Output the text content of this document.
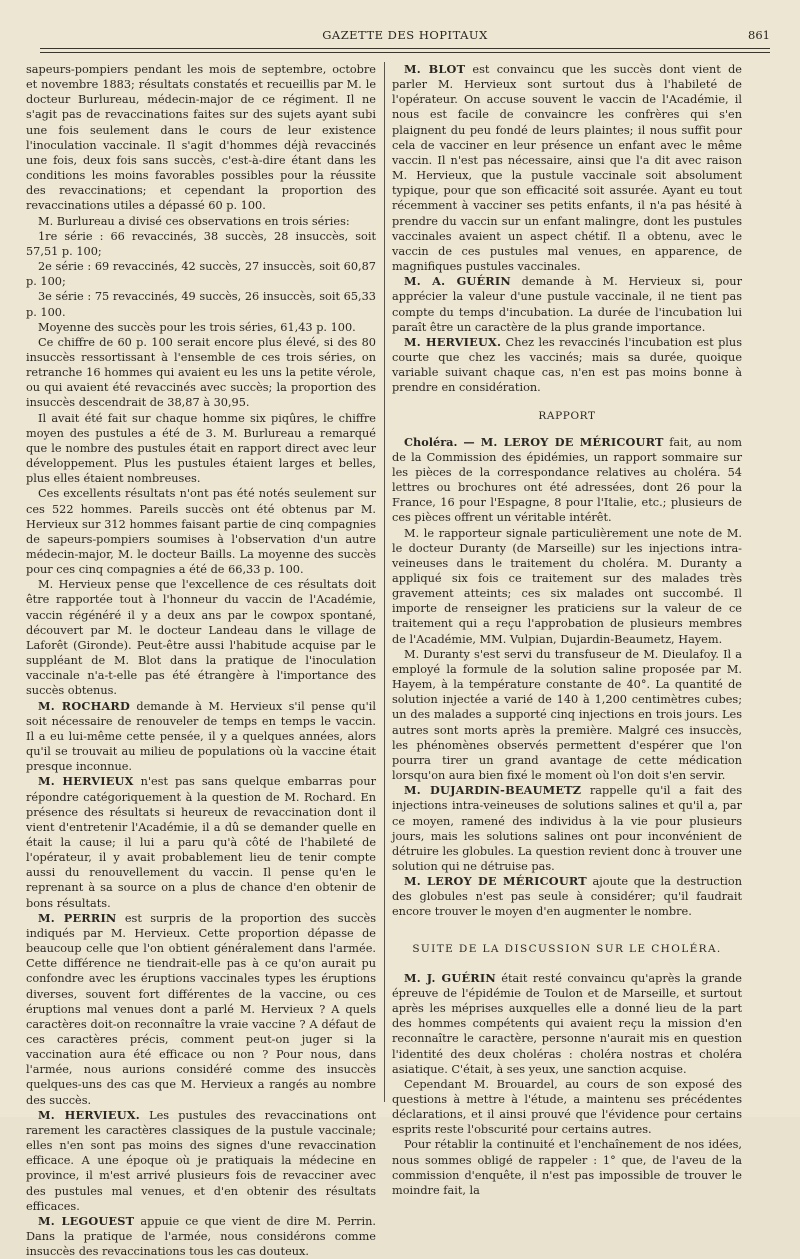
GAZETTE DES HOPITAUX	861

sapeurs-pompiers pendant les mois de septembre, octobre et novembre 1883; résultats constatés et recueillis par M. le docteur Burlureau, médecin-major de ce régiment. Il ne s'agit pas de revaccinations faites sur des sujets ayant subi une fois seulement dans le cours de leur existence l'inoculation vaccinale. Il s'agit d'hommes déjà revaccinés une fois, deux fois sans succès, c'est-à-dire étant dans les conditions les moins favorables possibles pour la réussite des revaccinations; et cependant la proportion des revaccinations utiles a dépassé 60 p. 100.

M. Burlureau a divisé ces observations en trois séries:

1re série : 66 revaccinés, 38 succès, 28 insuccès, soit 57,51 p. 100;

2e série : 69 revaccinés, 42 succès, 27 insuccès, soit 60,87 p. 100;

3e série : 75 revaccinés, 49 succès, 26 insuccès, soit 65,33 p. 100.

Moyenne des succès pour les trois séries, 61,43 p. 100.

Ce chiffre de 60 p. 100 serait encore plus élevé, si des 80 insuccès ressortissant à l'ensemble de ces trois séries, on retranche 16 hommes qui avaient eu les uns la petite vérole, ou qui avaient été revaccinés avec succès; la proportion des insuccès descendrait de 38,87 à 30,95.

Il avait été fait sur chaque homme six piqûres, le chiffre moyen des pustules a été de 3. M. Burlureau a remarqué que le nombre des pustules était en rapport direct avec leur développement. Plus les pustules étaient larges et belles, plus elles étaient nombreuses.

Ces excellents résultats n'ont pas été notés seulement sur ces 522 hommes. Pareils succès ont été obtenus par M. Hervieux sur 312 hommes faisant partie de cinq compagnies de sapeurs-pompiers soumises à l'observation d'un autre médecin-major, M. le docteur Baills. La moyenne des succès pour ces cinq compagnies a été de 66,33 p. 100.

M. Hervieux pense que l'excellence de ces résultats doit être rapportée tout à l'honneur du vaccin de l'Académie, vaccin régénéré il y a deux ans par le cowpox spontané, découvert par M. le docteur Landeau dans le village de Laforêt (Gironde). Peut-être aussi l'habitude acquise par le suppléant de M. Blot dans la pratique de l'inoculation vaccinale n'a-t-elle pas été étrangère à l'importance des succès obtenus.

M. ROCHARD demande à M. Hervieux s'il pense qu'il soit nécessaire de renouveler de temps en temps le vaccin. Il a eu lui-même cette pensée, il y a quelques années, alors qu'il se trouvait au milieu de populations où la vaccine était presque inconnue.

M. HERVIEUX n'est pas sans quelque embarras pour répondre catégoriquement à la question de M. Rochard. En présence des résultats si heureux de revaccination dont il vient d'entretenir l'Académie, il a dû se demander quelle en était la cause; il lui a paru qu'à côté de l'habileté de l'opérateur, il y avait probablement lieu de tenir compte aussi du renouvellement du vaccin. Il pense qu'en le reprenant à sa source on a plus de chance d'en obtenir de bons résultats.

M. PERRIN est surpris de la proportion des succès indiqués par M. Hervieux. Cette proportion dépasse de beaucoup celle que l'on obtient généralement dans l'armée. Cette différence ne tiendrait-elle pas à ce qu'on aurait pu confondre avec les éruptions vaccinales types les éruptions diverses, souvent fort différentes de la vaccine, ou ces éruptions mal venues dont a parlé M. Hervieux ? A quels caractères doit-on reconnaître la vraie vaccine ? A défaut de ces caractères précis, comment peut-on juger si la vaccination aura été efficace ou non ? Pour nous, dans l'armée, nous aurions considéré comme des insuccès quelques-uns des cas que M. Hervieux a rangés au nombre des succès.

M. HERVIEUX. Les pustules des revaccinations ont rarement les caractères classiques de la pustule vaccinale; elles n'en sont pas moins des signes d'une revaccination efficace. A une époque où je pratiquais la médecine en province, il m'est arrivé plusieurs fois de revacciner avec des pustules mal venues, et d'en obtenir des résultats efficaces.

M. LEGOUEST appuie ce que vient de dire M. Perrin. Dans la pratique de l'armée, nous considérons comme insuccès des revaccinations tous les cas douteux.

M. BLOT est convaincu que les succès dont vient de parler M. Hervieux sont surtout dus à l'habileté de l'opérateur. On accuse souvent le vaccin de l'Académie, il nous est facile de convaincre les confrères qui s'en plaignent du peu fondé de leurs plaintes; il nous suffit pour cela de vacciner en leur présence un enfant avec le même vaccin. Il n'est pas nécessaire, ainsi que l'a dit avec raison M. Hervieux, que la pustule vaccinale soit absolument typique, pour que son efficacité soit assurée. Ayant eu tout récemment à vacciner ses petits enfants, il n'a pas hésité à prendre du vaccin sur un enfant malingre, dont les pustules vaccinales avaient un aspect chétif. Il a obtenu, avec le vaccin de ces pustules mal venues, en apparence, de magnifiques pustules vaccinales.

M. A. GUÉRIN demande à M. Hervieux si, pour apprécier la valeur d'une pustule vaccinale, il ne tient pas compte du temps d'incubation. La durée de l'incubation lui paraît être un caractère de la plus grande importance.

M. HERVIEUX. Chez les revaccinés l'incubation est plus courte que chez les vaccinés; mais sa durée, quoique variable suivant chaque cas, n'en est pas moins bonne à prendre en considération.

RAPPORT

Choléra. — M. LEROY DE MÉRICOURT fait, au nom de la Commission des épidémies, un rapport sommaire sur les pièces de la correspondance relatives au choléra. 54 lettres ou brochures ont été adressées, dont 26 pour la France, 16 pour l'Espagne, 8 pour l'Italie, etc.; plusieurs de ces pièces offrent un véritable intérêt.

M. le rapporteur signale particulièrement une note de M. le docteur Duranty (de Marseille) sur les injections intra-veineuses dans le traitement du choléra. M. Duranty a appliqué six fois ce traitement sur des malades très gravement atteints; ces six malades ont succombé. Il importe de renseigner les praticiens sur la valeur de ce traitement qui a reçu l'approbation de plusieurs membres de l'Académie, MM. Vulpian, Dujardin-Beaumetz, Hayem.

M. Duranty s'est servi du transfuseur de M. Dieulafoy. Il a employé la formule de la solution saline proposée par M. Hayem, à la température constante de 40°. La quantité de solution injectée a varié de 140 à 1,200 centimètres cubes; un des malades a supporté cinq injections en trois jours. Les autres sont morts après la première. Malgré ces insuccès, les phénomènes observés permettent d'espérer que l'on pourra tirer un grand avantage de cette médication lorsqu'on aura bien fixé le moment où l'on doit s'en servir.

M. DUJARDIN-BEAUMETZ rappelle qu'il a fait des injections intra-veineuses de solutions salines et qu'il a, par ce moyen, ramené des individus à la vie pour plusieurs jours, mais les solutions salines ont pour inconvénient de détruire les globules. La question revient donc à trouver une solution qui ne détruise pas.

M. LEROY DE MÉRICOURT ajoute que la destruction des globules n'est pas seule à considérer; qu'il faudrait encore trouver le moyen d'en augmenter le nombre.

SUITE DE LA DISCUSSION SUR LE CHOLÉRA.

M. J. GUÉRIN était resté convaincu qu'après la grande épreuve de l'épidémie de Toulon et de Marseille, et surtout après les méprises auxquelles elle a donné lieu de la part des hommes compétents qui avaient reçu la mission d'en reconnaître le caractère, personne n'aurait mis en question l'identité des deux choléras : choléra nostras et choléra asiatique. C'était, à ses yeux, une sanction acquise.

Cependant M. Brouardel, au cours de son exposé des questions à mettre à l'étude, a maintenu ses précédentes déclarations, et il ainsi prouvé que l'évidence pour certains esprits reste l'obscurité pour certains autres.

Pour rétablir la continuité et l'enchaînement de nos idées, nous sommes obligé de rappeler : 1° que, de l'aveu de la commission d'enquête, il n'est pas impossible de trouver le moindre fait, la
